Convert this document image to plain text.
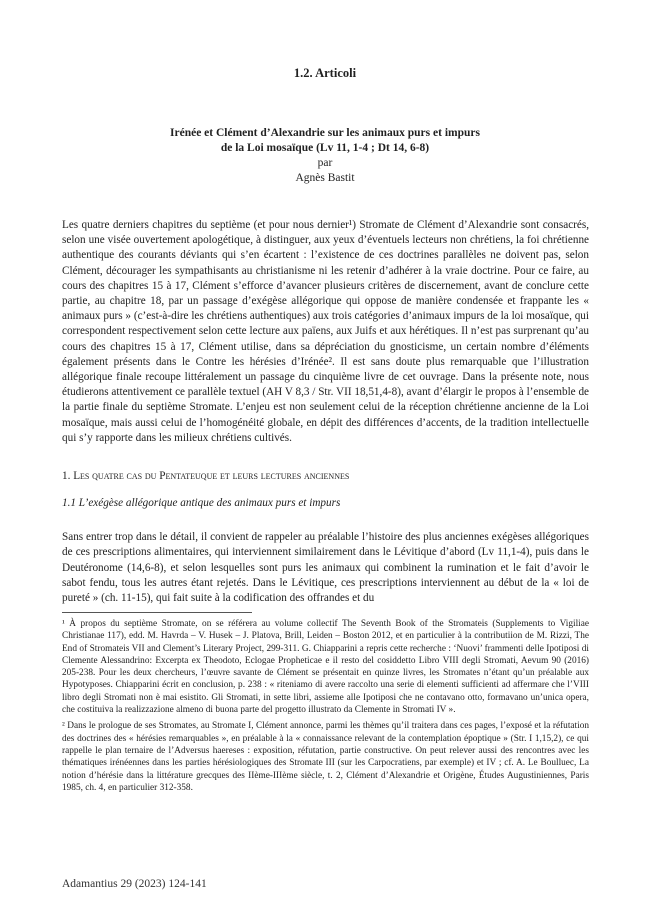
1.2. Articoli
Irénée et Clément d’Alexandrie sur les animaux purs et impurs
de la Loi mosaïque (Lv 11, 1-4 ; Dt 14, 6-8)
par
Agnès Bastit

Les quatre derniers chapitres du septième (et pour nous dernier¹) Stromate de Clément d’Alexandrie sont consacrés, selon une visée ouvertement apologétique, à distinguer, aux yeux d’éventuels lecteurs non chrétiens, la foi chrétienne authentique des courants déviants qui s’en écartent : l’existence de ces doctrines parallèles ne doivent pas, selon Clément, décourager les sympathisants au christianisme ni les retenir d’adhérer à la vraie doctrine. Pour ce faire, au cours des chapitres 15 à 17, Clément s’efforce d’avancer plusieurs critères de discernement, avant de conclure cette partie, au chapitre 18, par un passage d’exégèse allégorique qui oppose de manière condensée et frappante les « animaux purs » (c’est-à-dire les chrétiens authentiques) aux trois catégories d’animaux impurs de la loi mosaïque, qui correspondent respectivement selon cette lecture aux païens, aux Juifs et aux hérétiques. Il n’est pas surprenant qu’au cours des chapitres 15 à 17, Clément utilise, dans sa dépréciation du gnosticisme, un certain nombre d’éléments également présents dans le Contre les hérésies d’Irénée². Il est sans doute plus remarquable que l’illustration allégorique finale recoupe littéralement un passage du cinquième livre de cet ouvrage. Dans la présente note, nous étudierons attentivement ce parallèle textuel (AH V 8,3 / Str. VII 18,51,4-8), avant d’élargir le propos à l’ensemble de la partie finale du septième Stromate. L’enjeu est non seulement celui de la réception chrétienne ancienne de la Loi mosaïque, mais aussi celui de l’homogénéité globale, en dépit des différences d’accents, de la tradition intellectuelle qui s’y rapporte dans les milieux chrétiens cultivés.

1. Les quatre cas du Pentateuque et leurs lectures anciennes

1.1 L’exégèse allégorique antique des animaux purs et impurs

Sans entrer trop dans le détail, il convient de rappeler au préalable l’histoire des plus anciennes exégèses allégoriques de ces prescriptions alimentaires, qui interviennent similairement dans le Lévitique d’abord (Lv 11,1-4), puis dans le Deutéronome (14,6-8), et selon lesquelles sont purs les animaux qui combinent la rumination et le fait d’avoir le sabot fendu, tous les autres étant rejetés. Dans le Lévitique, ces prescriptions interviennent au début de la « loi de pureté » (ch. 11-15), qui fait suite à la codification des offrandes et du

¹ À propos du septième Stromate, on se référera au volume collectif The Seventh Book of the Stromateis (Supplements to Vigiliae Christianae 117), edd. M. Havrda – V. Husek – J. Platova, Brill, Leiden – Boston 2012, et en particulier à la contributiion de M. Rizzi, The End of Stromateis VII and Clement’s Literary Project, 299-311. G. Chiapparini a repris cette recherche : ‘Nuovi’ frammenti delle Ipotiposi di Clemente Alessandrino: Excerpta ex Theodoto, Eclogae Propheticae e il resto del cosiddetto Libro VIII degli Stromati, Aevum 90 (2016) 205-238. Pour les deux chercheurs, l’œuvre savante de Clément se présentait en quinze livres, les Stromates n’étant qu’un préalable aux Hypotyposes. Chiapparini écrit en conclusion, p. 238 : « riteniamo di avere raccolto una serie di elementi sufficienti ad affermare che l’VIII libro degli Stromati non è mai esistito. Gli Stromati, in sette libri, assieme alle Ipotiposi che ne contavano otto, formavano un’unica opera, che costituiva la realizzazione almeno di buona parte del progetto illustrato da Clemente in Stromati IV ».

² Dans le prologue de ses Stromates, au Stromate I, Clément annonce, parmi les thèmes qu’il traitera dans ces pages, l’exposé et la réfutation des doctrines des « hérésies remarquables », en préalable à la « connaissance relevant de la contemplation époptique » (Str. I 1,15,2), ce qui rappelle le plan ternaire de l’Adversus haereses : exposition, réfutation, partie constructive. On peut relever aussi des rencontres avec les thématiques irénéennes dans les parties hérésiologiques des Stromate III (sur les Carpocratiens, par exemple) et IV ; cf. A. Le Boulluec, La notion d’hérésie dans la littérature grecques des IIème-IIIème siècle, t. 2, Clément d’Alexandrie et Origène, Études Augustiniennes, Paris 1985, ch. 4, en particulier 312-358.

Adamantius 29 (2023) 124-141
